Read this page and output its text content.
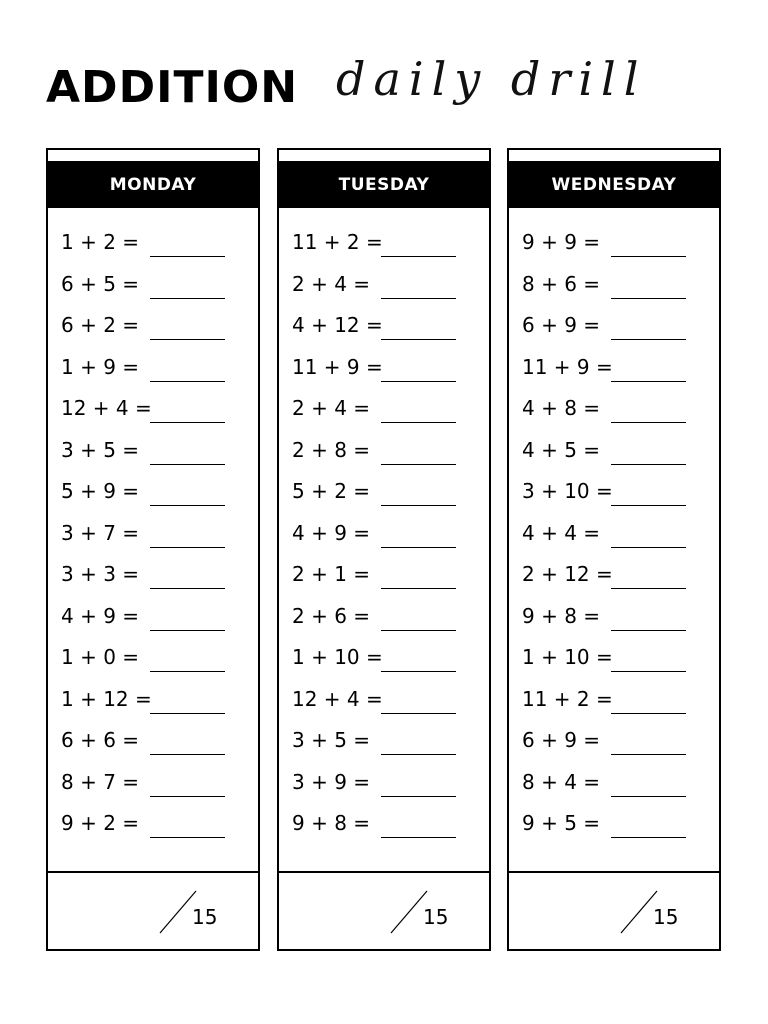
ADDITION daily drill
MONDAY
1 + 2 =
6 + 5 =
6 + 2 =
1 + 9 =
12 + 4 =
3 + 5 =
5 + 9 =
3 + 7 =
3 + 3 =
4 + 9 =
1 + 0 =
1 + 12 =
6 + 6 =
8 + 7 =
9 + 2 =
15
TUESDAY
11 + 2 =
2 + 4 =
4 + 12 =
11 + 9 =
2 + 4 =
2 + 8 =
5 + 2 =
4 + 9 =
2 + 1 =
2 + 6 =
1 + 10 =
12 + 4 =
3 + 5 =
3 + 9 =
9 + 8 =
15
WEDNESDAY
9 + 9 =
8 + 6 =
6 + 9 =
11 + 9 =
4 + 8 =
4 + 5 =
3 + 10 =
4 + 4 =
2 + 12 =
9 + 8 =
1 + 10 =
11 + 2 =
6 + 9 =
8 + 4 =
9 + 5 =
15
